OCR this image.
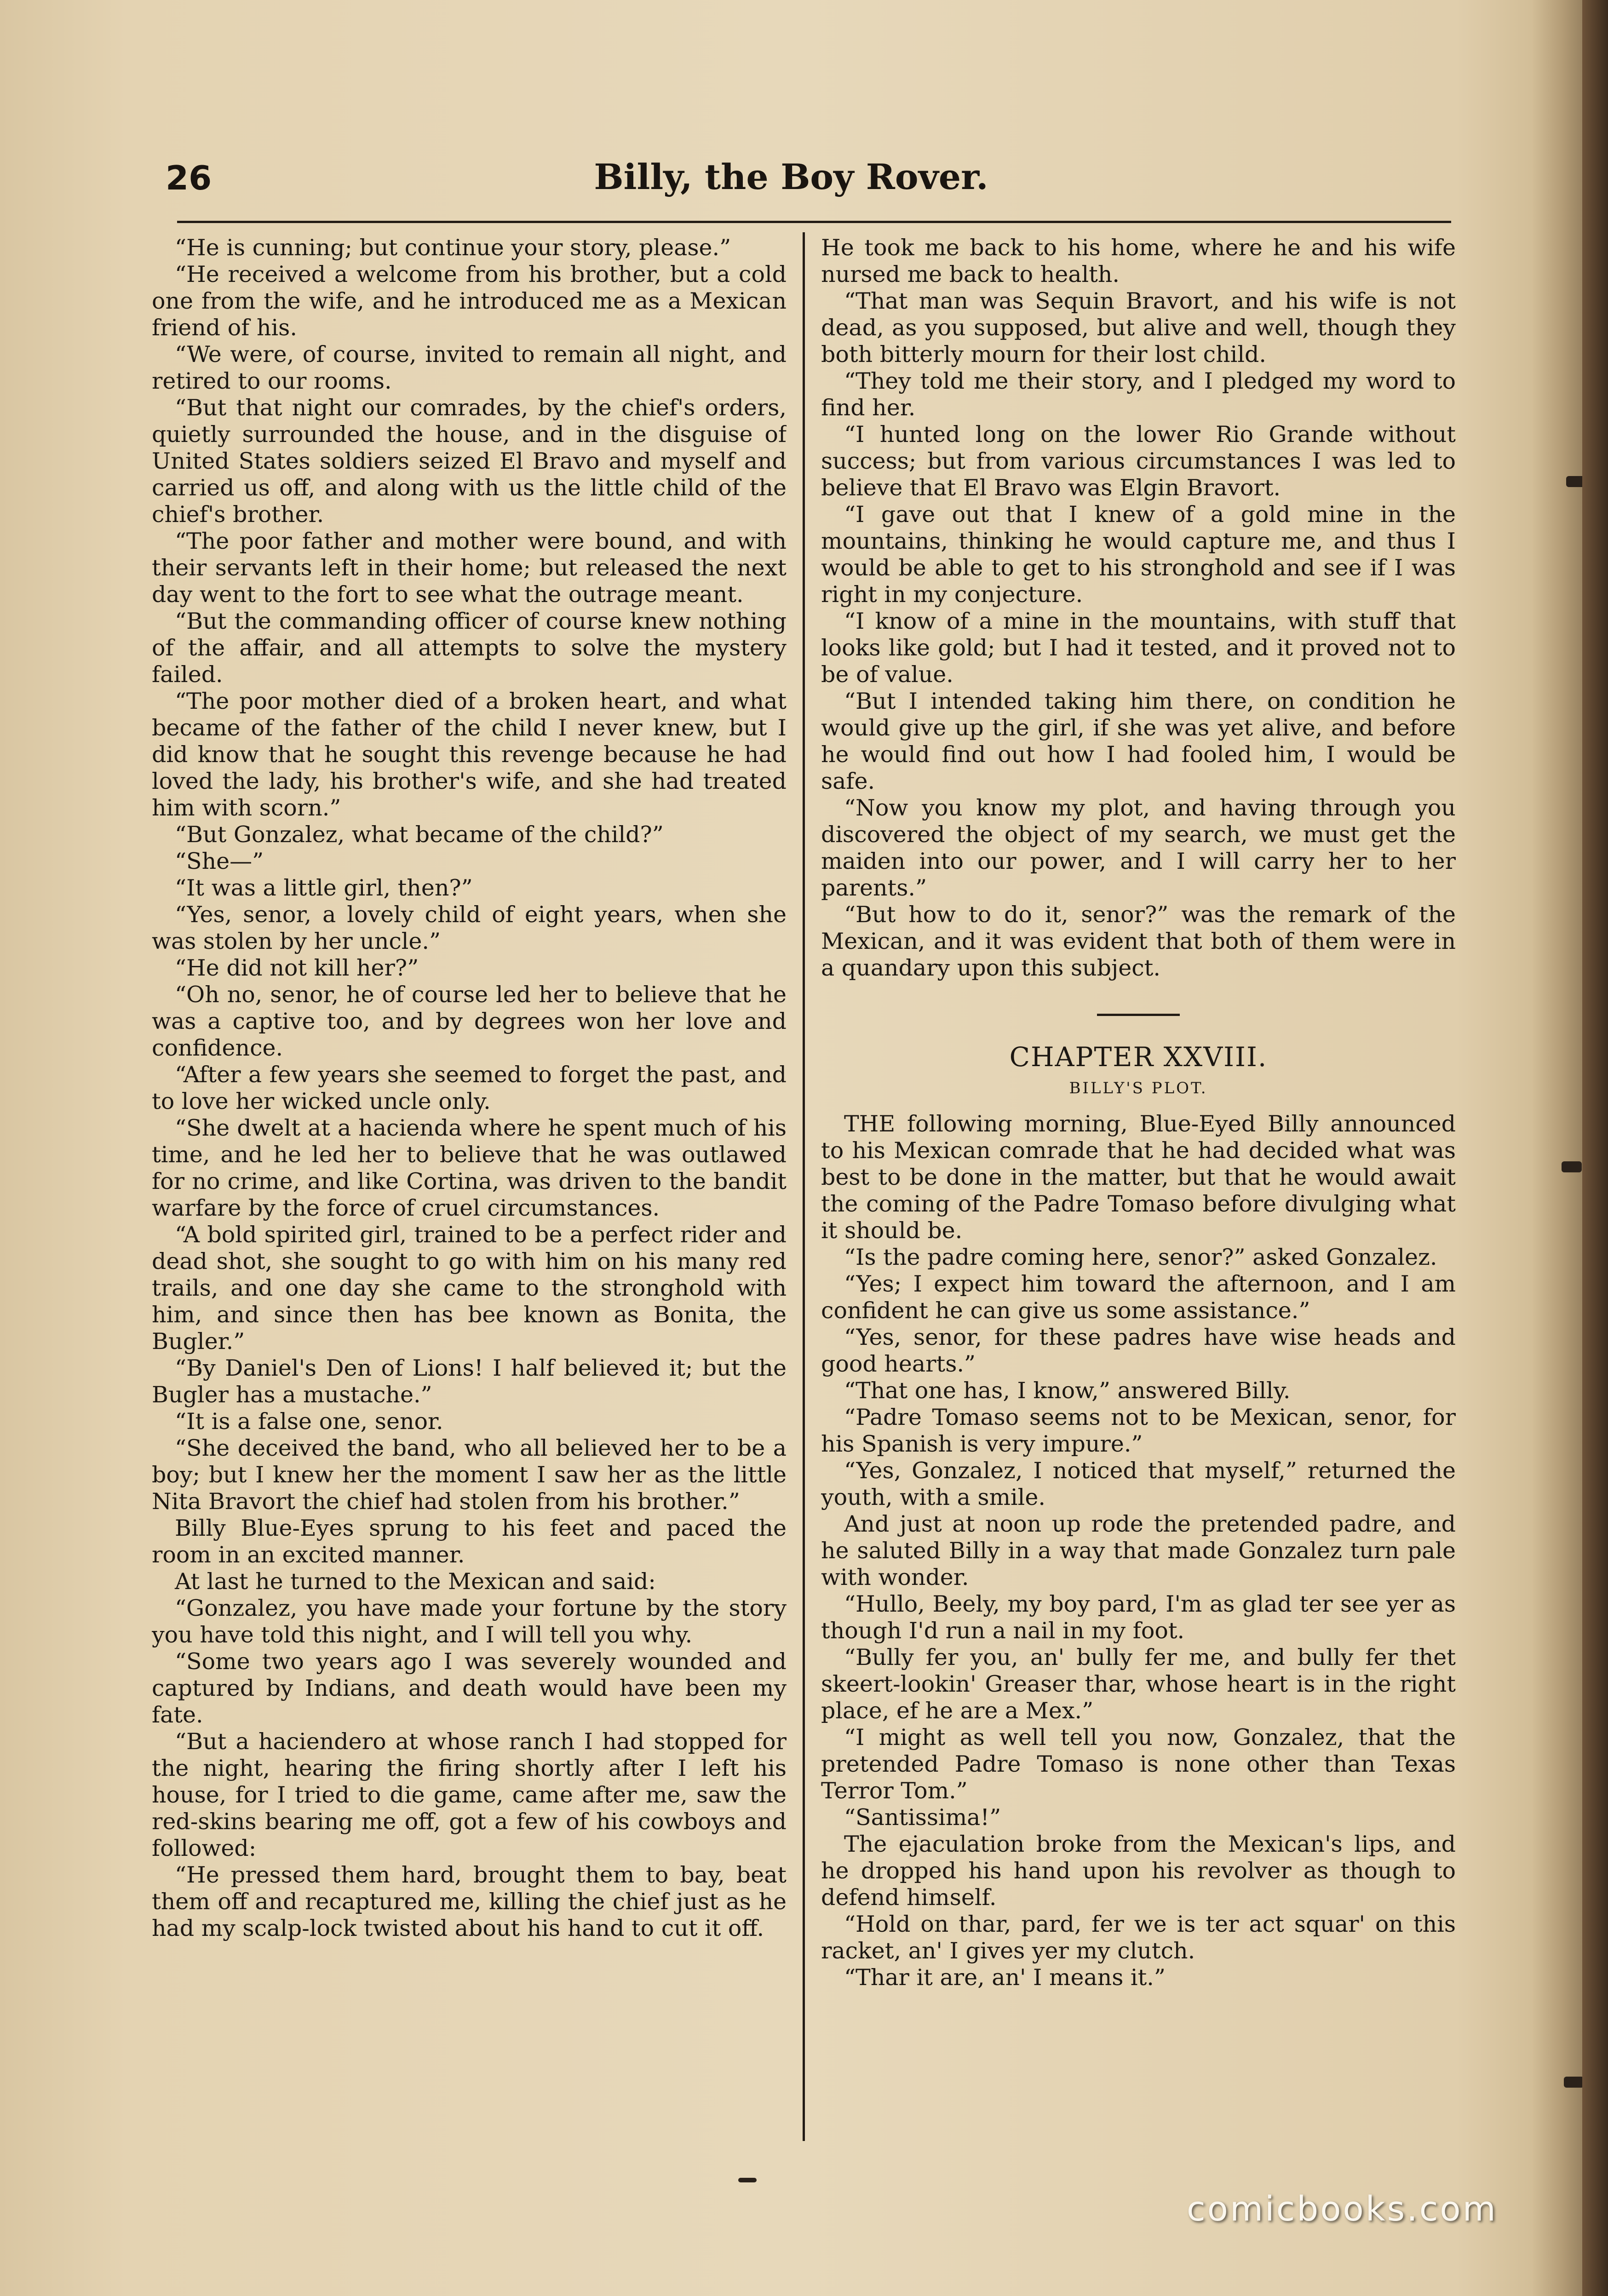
26	Billy, the Boy Rover.

“He is cunning; but continue your story, please.”

“He received a welcome from his brother, but a cold one from the wife, and he introduced me as a Mexican friend of his.

“We were, of course, invited to remain all night, and retired to our rooms.

“But that night our comrades, by the chief's orders, quietly surrounded the house, and in the disguise of United States soldiers seized El Bravo and myself and carried us off, and along with us the little child of the chief's brother.

“The poor father and mother were bound, and with their servants left in their home; but released the next day went to the fort to see what the outrage meant.

“But the commanding officer of course knew nothing of the affair, and all attempts to solve the mystery failed.

“The poor mother died of a broken heart, and what became of the father of the child I never knew, but I did know that he sought this revenge because he had loved the lady, his brother's wife, and she had treated him with scorn.”

“But Gonzalez, what became of the child?”

“She—”

“It was a little girl, then?”

“Yes, senor, a lovely child of eight years, when she was stolen by her uncle.”

“He did not kill her?”

“Oh no, senor, he of course led her to believe that he was a captive too, and by degrees won her love and confidence.

“After a few years she seemed to forget the past, and to love her wicked uncle only.

“She dwelt at a hacienda where he spent much of his time, and he led her to believe that he was outlawed for no crime, and like Cortina, was driven to the bandit warfare by the force of cruel circumstances.

“A bold spirited girl, trained to be a perfect rider and dead shot, she sought to go with him on his many red trails, and one day she came to the stronghold with him, and since then has bee known as Bonita, the Bugler.”

“By Daniel's Den of Lions! I half believed it; but the Bugler has a mustache.”

“It is a false one, senor.

“She deceived the band, who all believed her to be a boy; but I knew her the moment I saw her as the little Nita Bravort the chief had stolen from his brother.”

Billy Blue-Eyes sprung to his feet and paced the room in an excited manner.

At last he turned to the Mexican and said:

“Gonzalez, you have made your fortune by the story you have told this night, and I will tell you why.

“Some two years ago I was severely wounded and captured by Indians, and death would have been my fate.

“But a haciendero at whose ranch I had stopped for the night, hearing the firing shortly after I left his house, for I tried to die game, came after me, saw the red-skins bearing me off, got a few of his cowboys and followed:

“He pressed them hard, brought them to bay, beat them off and recaptured me, killing the chief just as he had my scalp-lock twisted about his hand to cut it off.

He took me back to his home, where he and his wife nursed me back to health.

“That man was Sequin Bravort, and his wife is not dead, as you supposed, but alive and well, though they both bitterly mourn for their lost child.

“They told me their story, and I pledged my word to find her.

“I hunted long on the lower Rio Grande without success; but from various circumstances I was led to believe that El Bravo was Elgin Bravort.

“I gave out that I knew of a gold mine in the mountains, thinking he would capture me, and thus I would be able to get to his stronghold and see if I was right in my conjecture.

“I know of a mine in the mountains, with stuff that looks like gold; but I had it tested, and it proved not to be of value.

“But I intended taking him there, on condition he would give up the girl, if she was yet alive, and before he would find out how I had fooled him, I would be safe.

“Now you know my plot, and having through you discovered the object of my search, we must get the maiden into our power, and I will carry her to her parents.”

“But how to do it, senor?” was the remark of the Mexican, and it was evident that both of them were in a quandary upon this subject.

CHAPTER XXVIII.

BILLY'S PLOT.

THE following morning, Blue-Eyed Billy announced to his Mexican comrade that he had decided what was best to be done in the matter, but that he would await the coming of the Padre Tomaso before divulging what it should be.

“Is the padre coming here, senor?” asked Gonzalez.

“Yes; I expect him toward the afternoon, and I am confident he can give us some assistance.”

“Yes, senor, for these padres have wise heads and good hearts.”

“That one has, I know,” answered Billy.

“Padre Tomaso seems not to be Mexican, senor, for his Spanish is very impure.”

“Yes, Gonzalez, I noticed that myself,” returned the youth, with a smile.

And just at noon up rode the pretended padre, and he saluted Billy in a way that made Gonzalez turn pale with wonder.

“Hullo, Beely, my boy pard, I'm as glad ter see yer as though I'd run a nail in my foot.

“Bully fer you, an' bully fer me, and bully fer thet skeert-lookin' Greaser thar, whose heart is in the right place, ef he are a Mex.”

“I might as well tell you now, Gonzalez, that the pretended Padre Tomaso is none other than Texas Terror Tom.”

“Santissima!”

The ejaculation broke from the Mexican's lips, and he dropped his hand upon his revolver as though to defend himself.

“Hold on thar, pard, fer we is ter act squar' on this racket, an' I gives yer my clutch.

“Thar it are, an' I means it.”

comicbooks.com
